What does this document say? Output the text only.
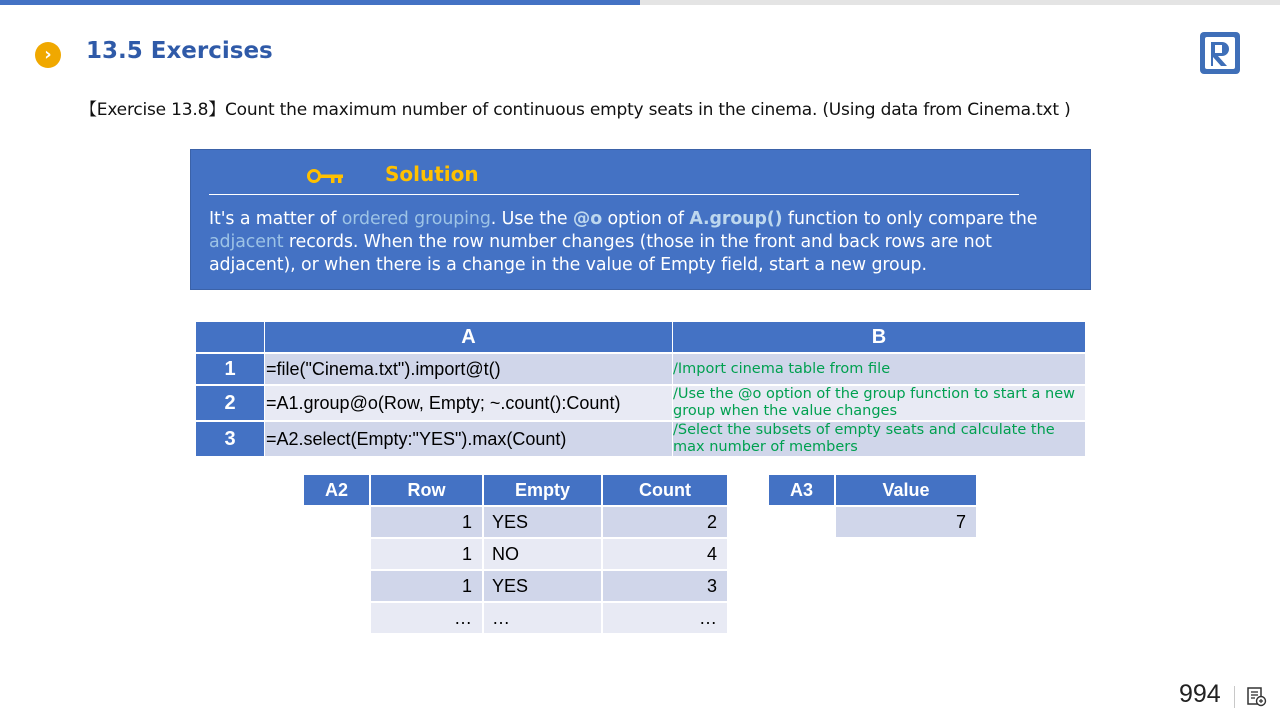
›	13.5 Exercises
【Exercise 13.8】Count the maximum number of continuous empty seats in the cinema. (Using data from Cinema.txt )
Solution
It's a matter of ordered grouping. Use the @o option of A.group() function to only compare the adjacent records. When the row number changes (those in the front and back rows are not adjacent), or when there is a change in the value of Empty field, start a new group.
	A	B
1	=file("Cinema.txt").import@t()	/Import cinema table from file
2	=A1.group@o(Row, Empty; ~.count():Count)	/Use the @o option of the group function to start a new group when the value changes
3	=A2.select(Empty:"YES").max(Count)	/Select the subsets of empty seats and calculate the max number of members
A2	Row	Empty	Count
	1	YES	2
	1	NO	4
	1	YES	3
	…	…	…
A3	Value
	7
994
